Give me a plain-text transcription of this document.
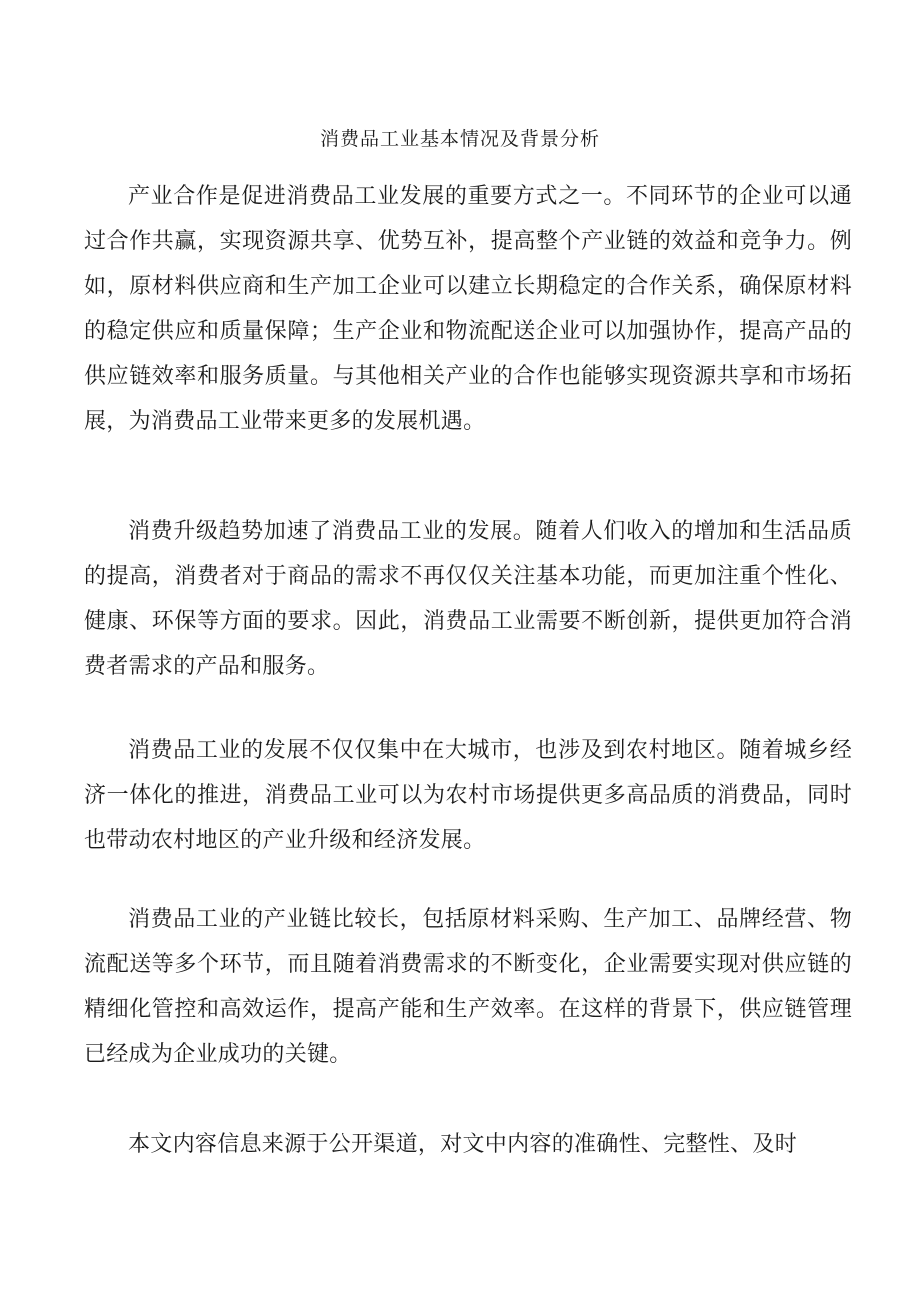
消费品工业基本情况及背景分析

产业合作是促进消费品工业发展的重要方式之一。不同环节的企业可以通过合作共赢，实现资源共享、优势互补，提高整个产业链的效益和竞争力。例如，原材料供应商和生产加工企业可以建立长期稳定的合作关系，确保原材料的稳定供应和质量保障；生产企业和物流配送企业可以加强协作，提高产品的供应链效率和服务质量。与其他相关产业的合作也能够实现资源共享和市场拓展，为消费品工业带来更多的发展机遇。

消费升级趋势加速了消费品工业的发展。随着人们收入的增加和生活品质的提高，消费者对于商品的需求不再仅仅关注基本功能，而更加注重个性化、健康、环保等方面的要求。因此，消费品工业需要不断创新，提供更加符合消费者需求的产品和服务。

消费品工业的发展不仅仅集中在大城市，也涉及到农村地区。随着城乡经济一体化的推进，消费品工业可以为农村市场提供更多高品质的消费品，同时也带动农村地区的产业升级和经济发展。

消费品工业的产业链比较长，包括原材料采购、生产加工、品牌经营、物流配送等多个环节，而且随着消费需求的不断变化，企业需要实现对供应链的精细化管控和高效运作，提高产能和生产效率。在这样的背景下，供应链管理已经成为企业成功的关键。

本文内容信息来源于公开渠道，对文中内容的准确性、完整性、及时
